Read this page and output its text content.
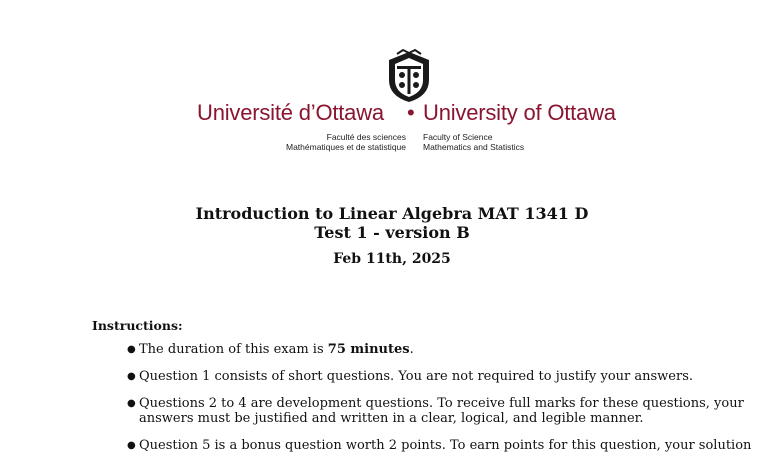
Université d’Ottawa • University of Ottawa
Faculté des sciences
Mathématiques et de statistique
Faculty of Science
Mathematics and Statistics
Introduction to Linear Algebra MAT 1341 D
Test 1 - version B
Feb 11th, 2025
Instructions:
● The duration of this exam is 75 minutes.
● Question 1 consists of short questions. You are not required to justify your answers.
● Questions 2 to 4 are development questions. To receive full marks for these questions, your
answers must be justified and written in a clear, logical, and legible manner.
● Question 5 is a bonus question worth 2 points. To earn points for this question, your solution
